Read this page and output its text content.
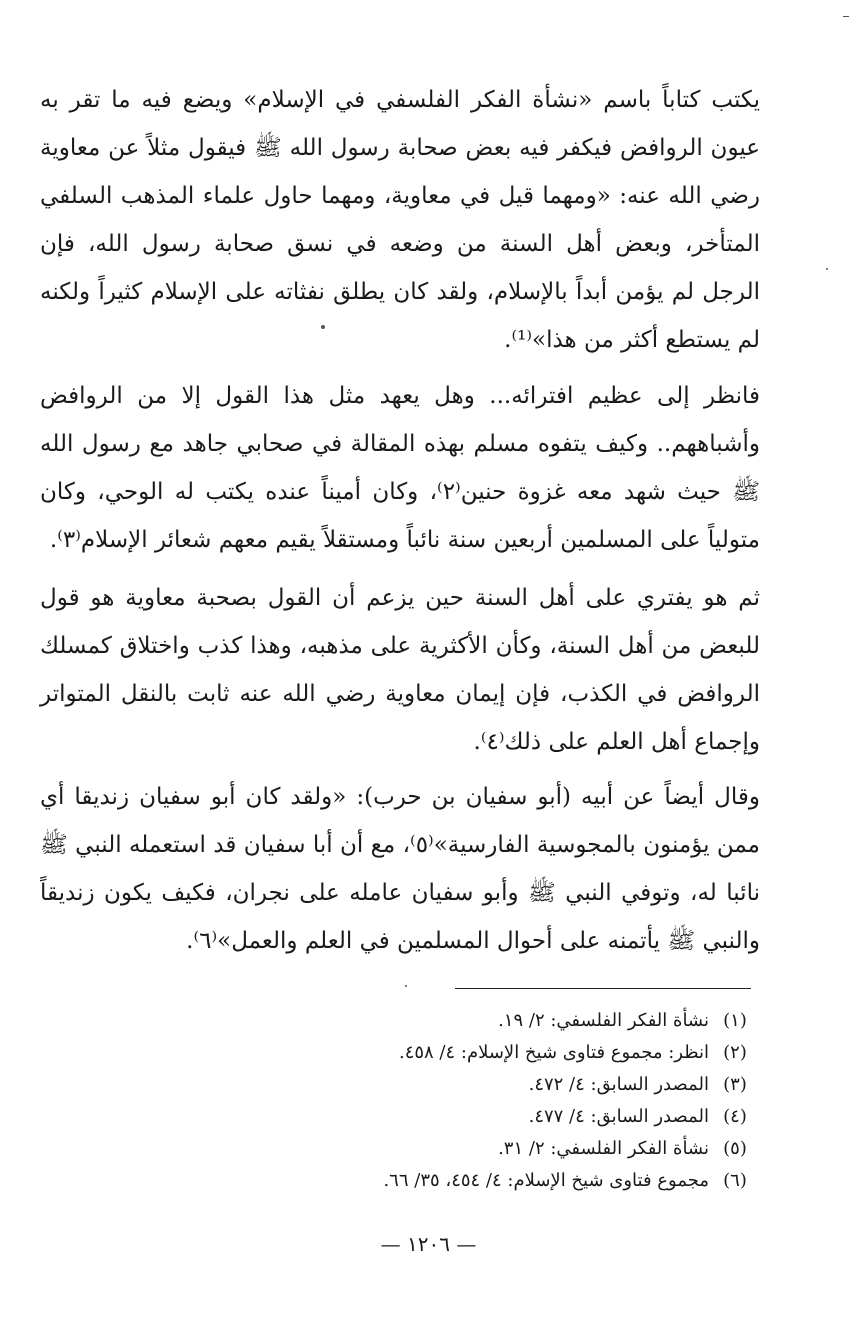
يكتب كتاباً باسم «نشأة الفكر الفلسفي في الإسلام» ويضع فيه ما تقر به عيون الروافض فيكفر فيه بعض صحابة رسول الله ﷺ فيقول مثلاً عن معاوية رضي الله عنه: «ومهما قيل في معاوية، ومهما حاول علماء المذهب السلفي المتأخر، وبعض أهل السنة من وضعه في نسق صحابة رسول الله، فإن الرجل لم يؤمن أبداً بالإسلام، ولقد كان يطلق نفثاته على الإسلام كثيراً ولكنه لم يستطع أكثر من هذا»⁽¹⁾.

فانظر إلى عظيم افترائه... وهل يعهد مثل هذا القول إلا من الروافض وأشباههم.. وكيف يتفوه مسلم بهذه المقالة في صحابي جاهد مع رسول الله ﷺ حيث شهد معه غزوة حنين⁽٢⁾، وكان أميناً عنده يكتب له الوحي، وكان متولياً على المسلمين أربعين سنة نائباً ومستقلاً يقيم معهم شعائر الإسلام⁽٣⁾.

ثم هو يفتري على أهل السنة حين يزعم أن القول بصحبة معاوية هو قول للبعض من أهل السنة، وكأن الأكثرية على مذهبه، وهذا كذب واختلاق كمسلك الروافض في الكذب، فإن إيمان معاوية رضي الله عنه ثابت بالنقل المتواتر وإجماع أهل العلم على ذلك⁽٤⁾.

وقال أيضاً عن أبيه (أبو سفيان بن حرب): «ولقد كان أبو سفيان زنديقا أي ممن يؤمنون بالمجوسية الفارسية»⁽٥⁾، مع أن أبا سفيان قد استعمله النبي ﷺ نائبا له، وتوفي النبي ﷺ وأبو سفيان عامله على نجران، فكيف يكون زنديقاً والنبي ﷺ يأتمنه على أحوال المسلمين في العلم والعمل»⁽٦⁾.

(١)
نشأة الفكر الفلسفي: ٢/ ١٩.
(٢)
انظر: مجموع فتاوى شيخ الإسلام: ٤/ ٤٥٨.
(٣)
المصدر السابق: ٤/ ٤٧٢.
(٤)
المصدر السابق: ٤/ ٤٧٧.
(٥)
نشأة الفكر الفلسفي: ٢/ ٣١.
(٦)
مجموع فتاوى شيخ الإسلام: ٤/ ٤٥٤، ٣٥/ ٦٦.
— ١٢٠٦ —
